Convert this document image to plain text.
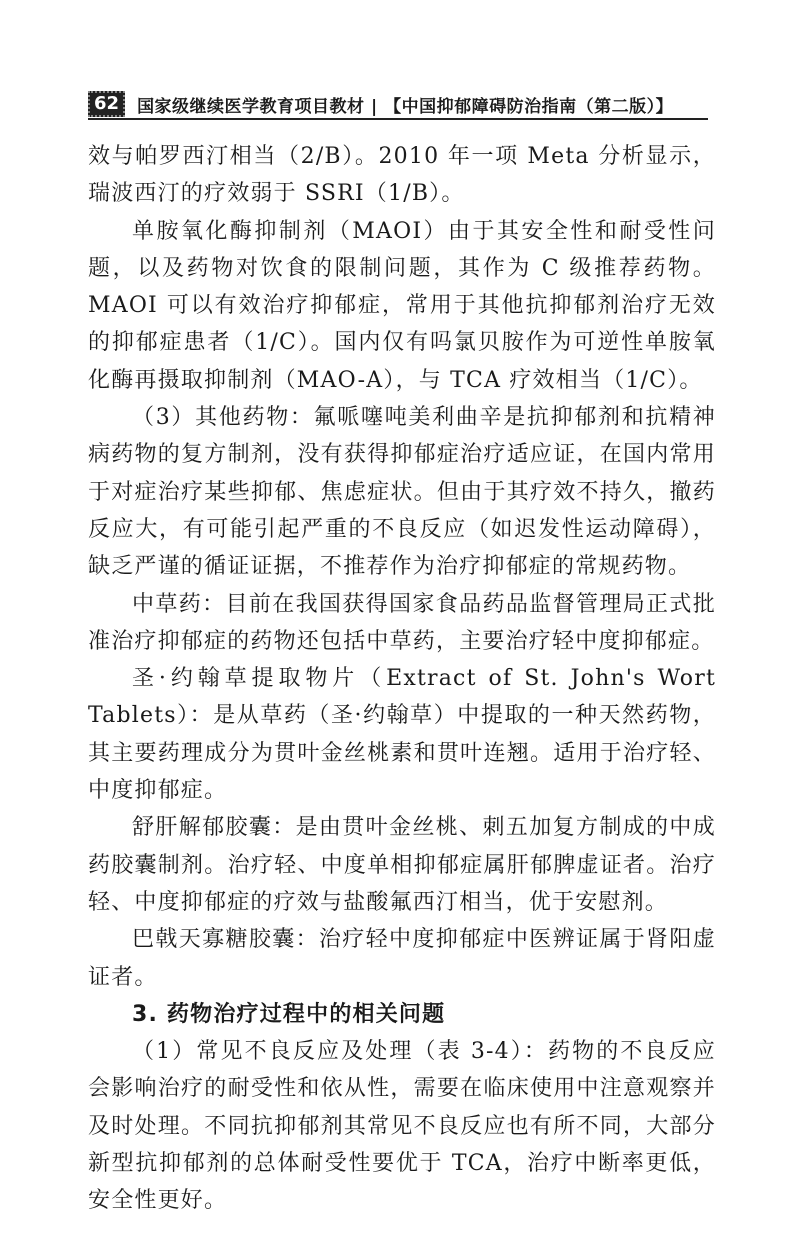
62	国家级继续医学教育项目教材 | 【中国抑郁障碍防治指南（第二版）】

效与帕罗西汀相当（2/B）。2010 年一项 Meta 分析显示，瑞波西汀的疗效弱于 SSRI（1/B）。

单胺氧化酶抑制剂（MAOI）由于其安全性和耐受性问题，以及药物对饮食的限制问题，其作为 C 级推荐药物。MAOI 可以有效治疗抑郁症，常用于其他抗抑郁剂治疗无效的抑郁症患者（1/C）。国内仅有吗氯贝胺作为可逆性单胺氧化酶再摄取抑制剂（MAO-A），与 TCA 疗效相当（1/C）。

（3）其他药物：氟哌噻吨美利曲辛是抗抑郁剂和抗精神病药物的复方制剂，没有获得抑郁症治疗适应证，在国内常用于对症治疗某些抑郁、焦虑症状。但由于其疗效不持久，撤药反应大，有可能引起严重的不良反应（如迟发性运动障碍），缺乏严谨的循证证据，不推荐作为治疗抑郁症的常规药物。

中草药：目前在我国获得国家食品药品监督管理局正式批准治疗抑郁症的药物还包括中草药，主要治疗轻中度抑郁症。

圣·约翰草提取物片（Extract of St. John's Wort Tablets）：是从草药（圣·约翰草）中提取的一种天然药物，其主要药理成分为贯叶金丝桃素和贯叶连翘。适用于治疗轻、中度抑郁症。

舒肝解郁胶囊：是由贯叶金丝桃、刺五加复方制成的中成药胶囊制剂。治疗轻、中度单相抑郁症属肝郁脾虚证者。治疗轻、中度抑郁症的疗效与盐酸氟西汀相当，优于安慰剂。

巴戟天寡糖胶囊：治疗轻中度抑郁症中医辨证属于肾阳虚证者。

3. 药物治疗过程中的相关问题

（1）常见不良反应及处理（表 3-4）：药物的不良反应会影响治疗的耐受性和依从性，需要在临床使用中注意观察并及时处理。不同抗抑郁剂其常见不良反应也有所不同，大部分新型抗抑郁剂的总体耐受性要优于 TCA，治疗中断率更低，安全性更好。
